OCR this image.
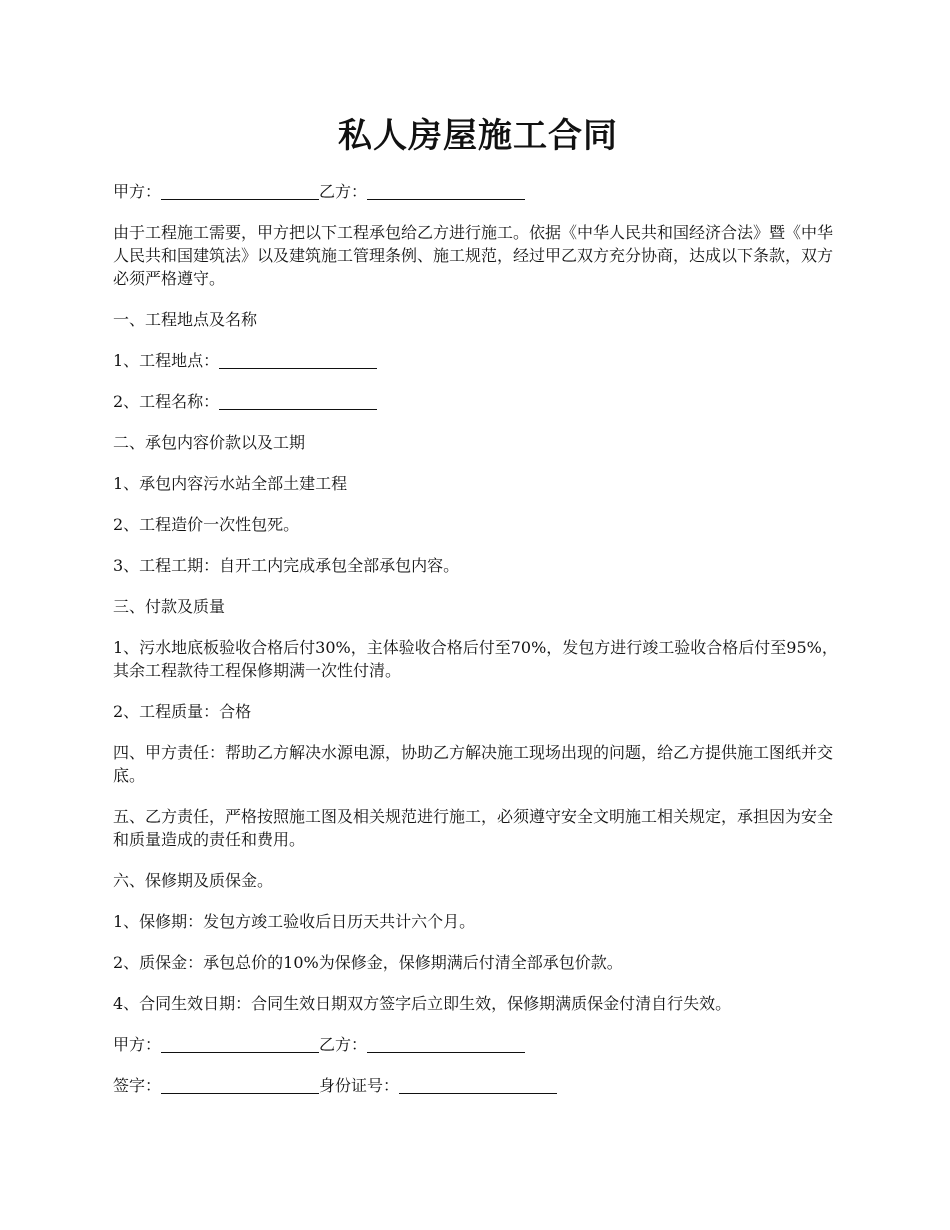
私人房屋施工合同

甲方：	乙方：

由于工程施工需要，甲方把以下工程承包给乙方进行施工。依据《中华人民共和国经济合法》暨《中华人民共和国建筑法》以及建筑施工管理条例、施工规范，经过甲乙双方充分协商，达成以下条款，双方必须严格遵守。

一、工程地点及名称

1、工程地点：

2、工程名称：

二、承包内容价款以及工期

1、承包内容污水站全部土建工程

2、工程造价一次性包死。

3、工程工期：自开工内完成承包全部承包内容。

三、付款及质量

1、污水地底板验收合格后付30%，主体验收合格后付至70%，发包方进行竣工验收合格后付至95%，其余工程款待工程保修期满一次性付清。

2、工程质量：合格

四、甲方责任：帮助乙方解决水源电源，协助乙方解决施工现场出现的问题，给乙方提供施工图纸并交底。

五、乙方责任，严格按照施工图及相关规范进行施工，必须遵守安全文明施工相关规定，承担因为安全和质量造成的责任和费用。

六、保修期及质保金。

1、保修期：发包方竣工验收后日历天共计六个月。

2、质保金：承包总价的10%为保修金，保修期满后付清全部承包价款。

4、合同生效日期：合同生效日期双方签字后立即生效，保修期满质保金付清自行失效。

甲方：	乙方：

签字：	身份证号：
